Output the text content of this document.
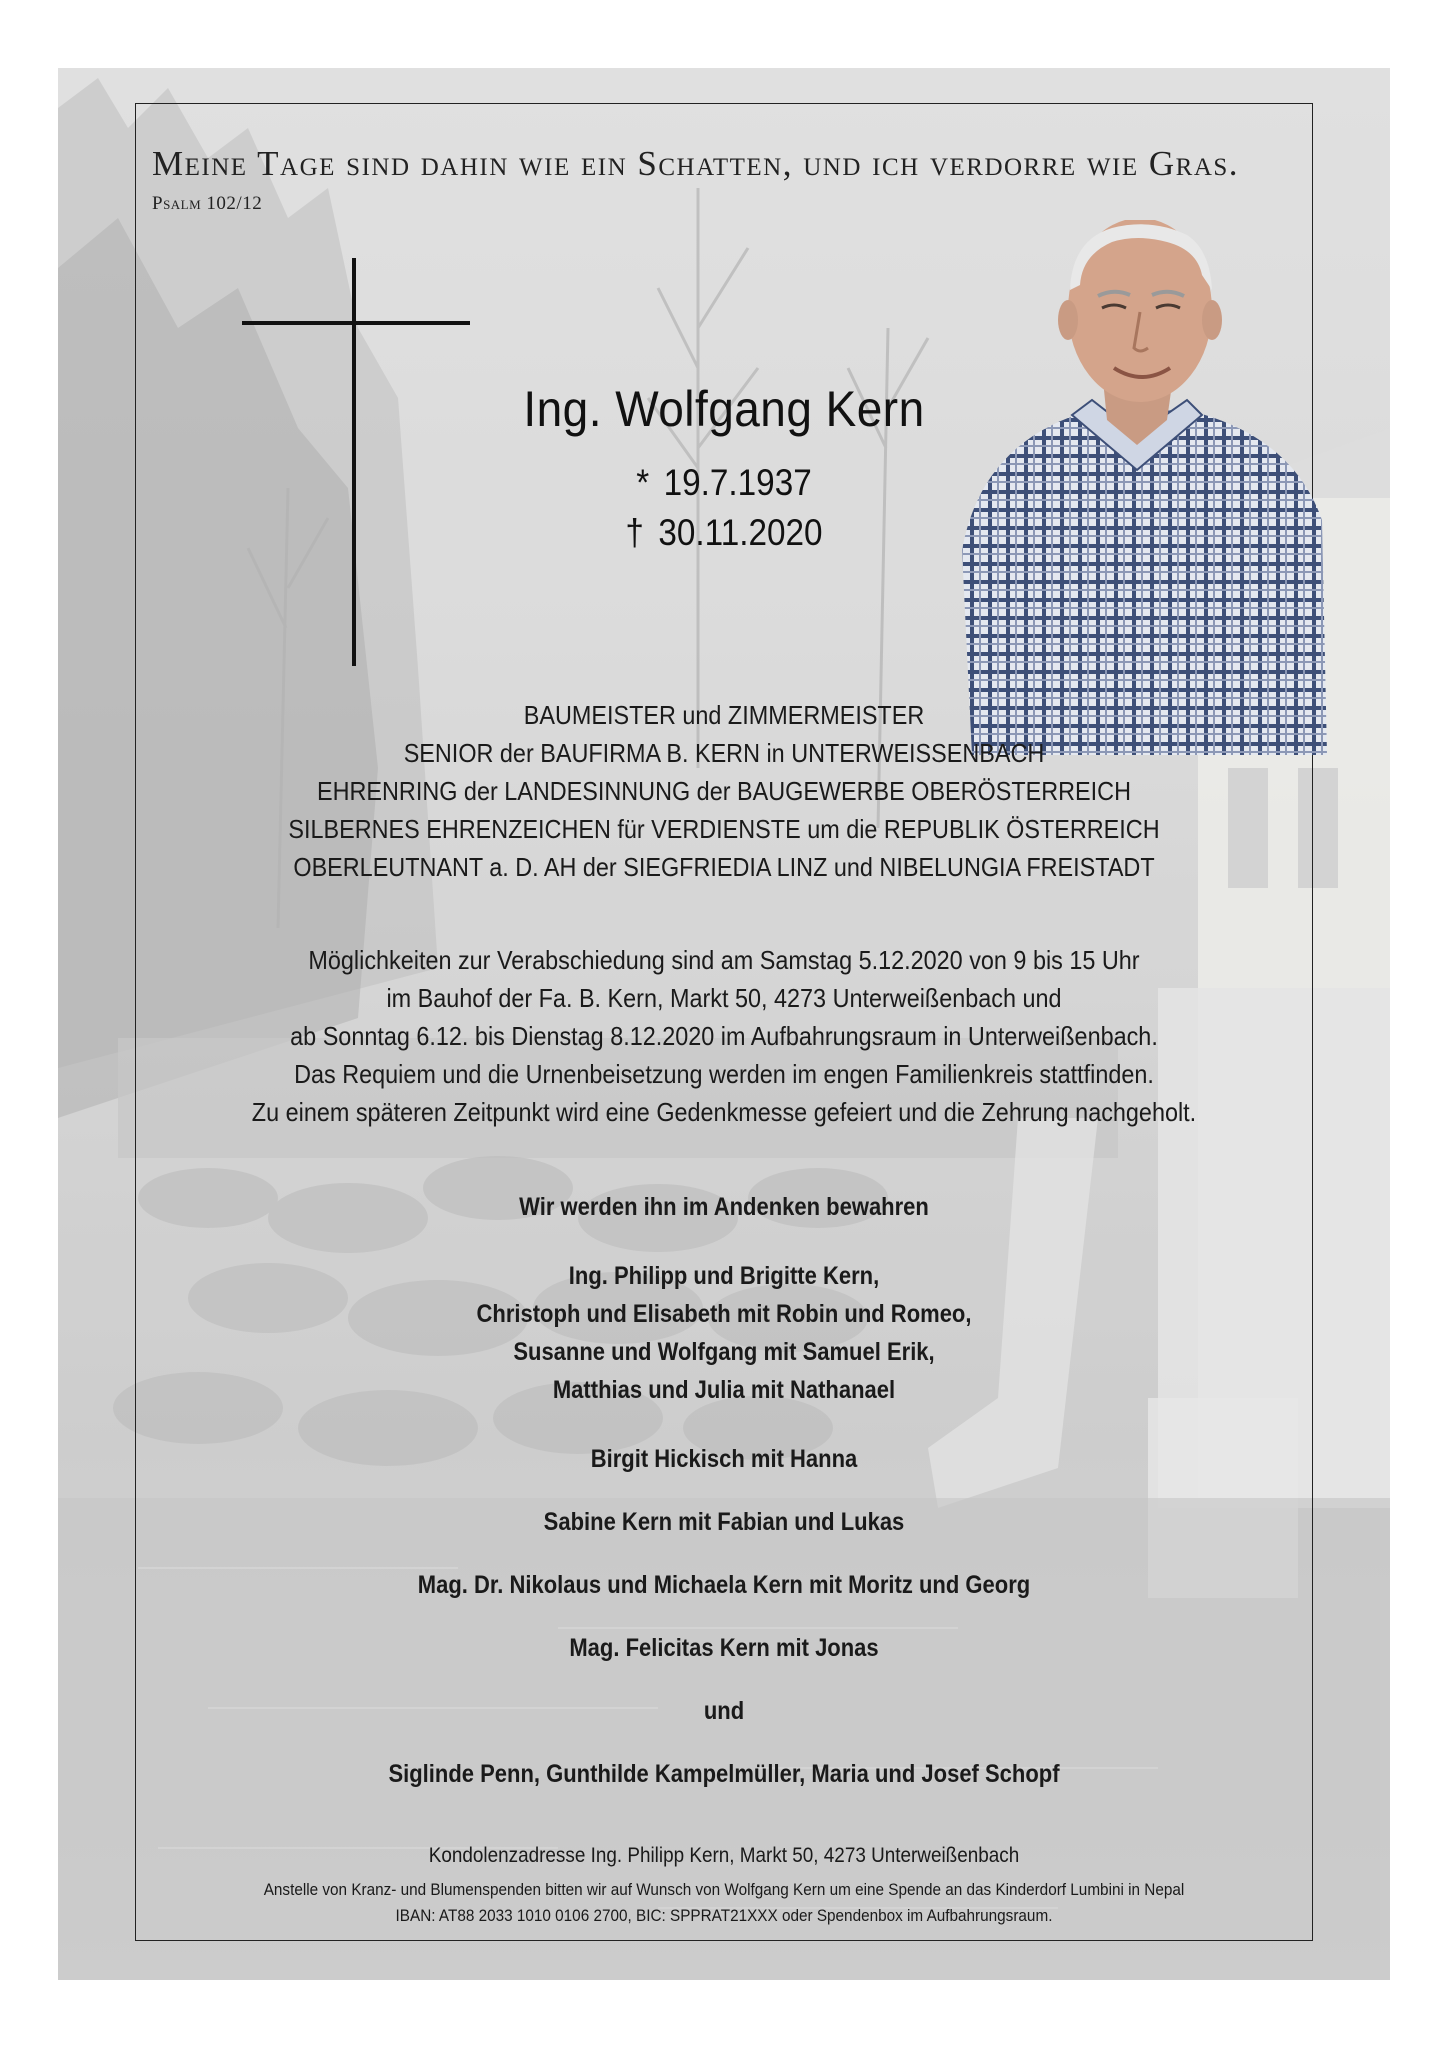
Meine Tage sind dahin wie ein Schatten, und ich verdorre wie Gras.
Psalm 102/12
Ing. Wolfgang Kern
* 19.7.1937
† 30.11.2020
BAUMEISTER und ZIMMERMEISTER
SENIOR der BAUFIRMA B. KERN in UNTERWEISSENBACH
EHRENRING der LANDESINNUNG der BAUGEWERBE OBERÖSTERREICH
SILBERNES EHRENZEICHEN für VERDIENSTE um die REPUBLIK ÖSTERREICH
OBERLEUTNANT a. D. AH der SIEGFRIEDIA LINZ und NIBELUNGIA FREISTADT
Möglichkeiten zur Verabschiedung sind am Samstag 5.12.2020 von 9 bis 15 Uhr
im Bauhof der Fa. B. Kern, Markt 50, 4273 Unterweißenbach und
ab Sonntag 6.12. bis Dienstag 8.12.2020 im Aufbahrungsraum in Unterweißenbach.
Das Requiem und die Urnenbeisetzung werden im engen Familienkreis stattfinden.
Zu einem späteren Zeitpunkt wird eine Gedenkmesse gefeiert und die Zehrung nachgeholt.
Wir werden ihn im Andenken bewahren
Ing. Philipp und Brigitte Kern,
Christoph und Elisabeth mit Robin und Romeo,
Susanne und Wolfgang mit Samuel Erik,
Matthias und Julia mit Nathanael
Birgit Hickisch mit Hanna
Sabine Kern mit Fabian und Lukas
Mag. Dr. Nikolaus und Michaela Kern mit Moritz und Georg
Mag. Felicitas Kern mit Jonas
und
Siglinde Penn, Gunthilde Kampelmüller, Maria und Josef Schopf
Kondolenzadresse Ing. Philipp Kern, Markt 50, 4273 Unterweißenbach
Anstelle von Kranz- und Blumenspenden bitten wir auf Wunsch von Wolfgang Kern um eine Spende an das Kinderdorf Lumbini in Nepal
IBAN: AT88 2033 1010 0106 2700, BIC: SPPRAT21XXX oder Spendenbox im Aufbahrungsraum.
